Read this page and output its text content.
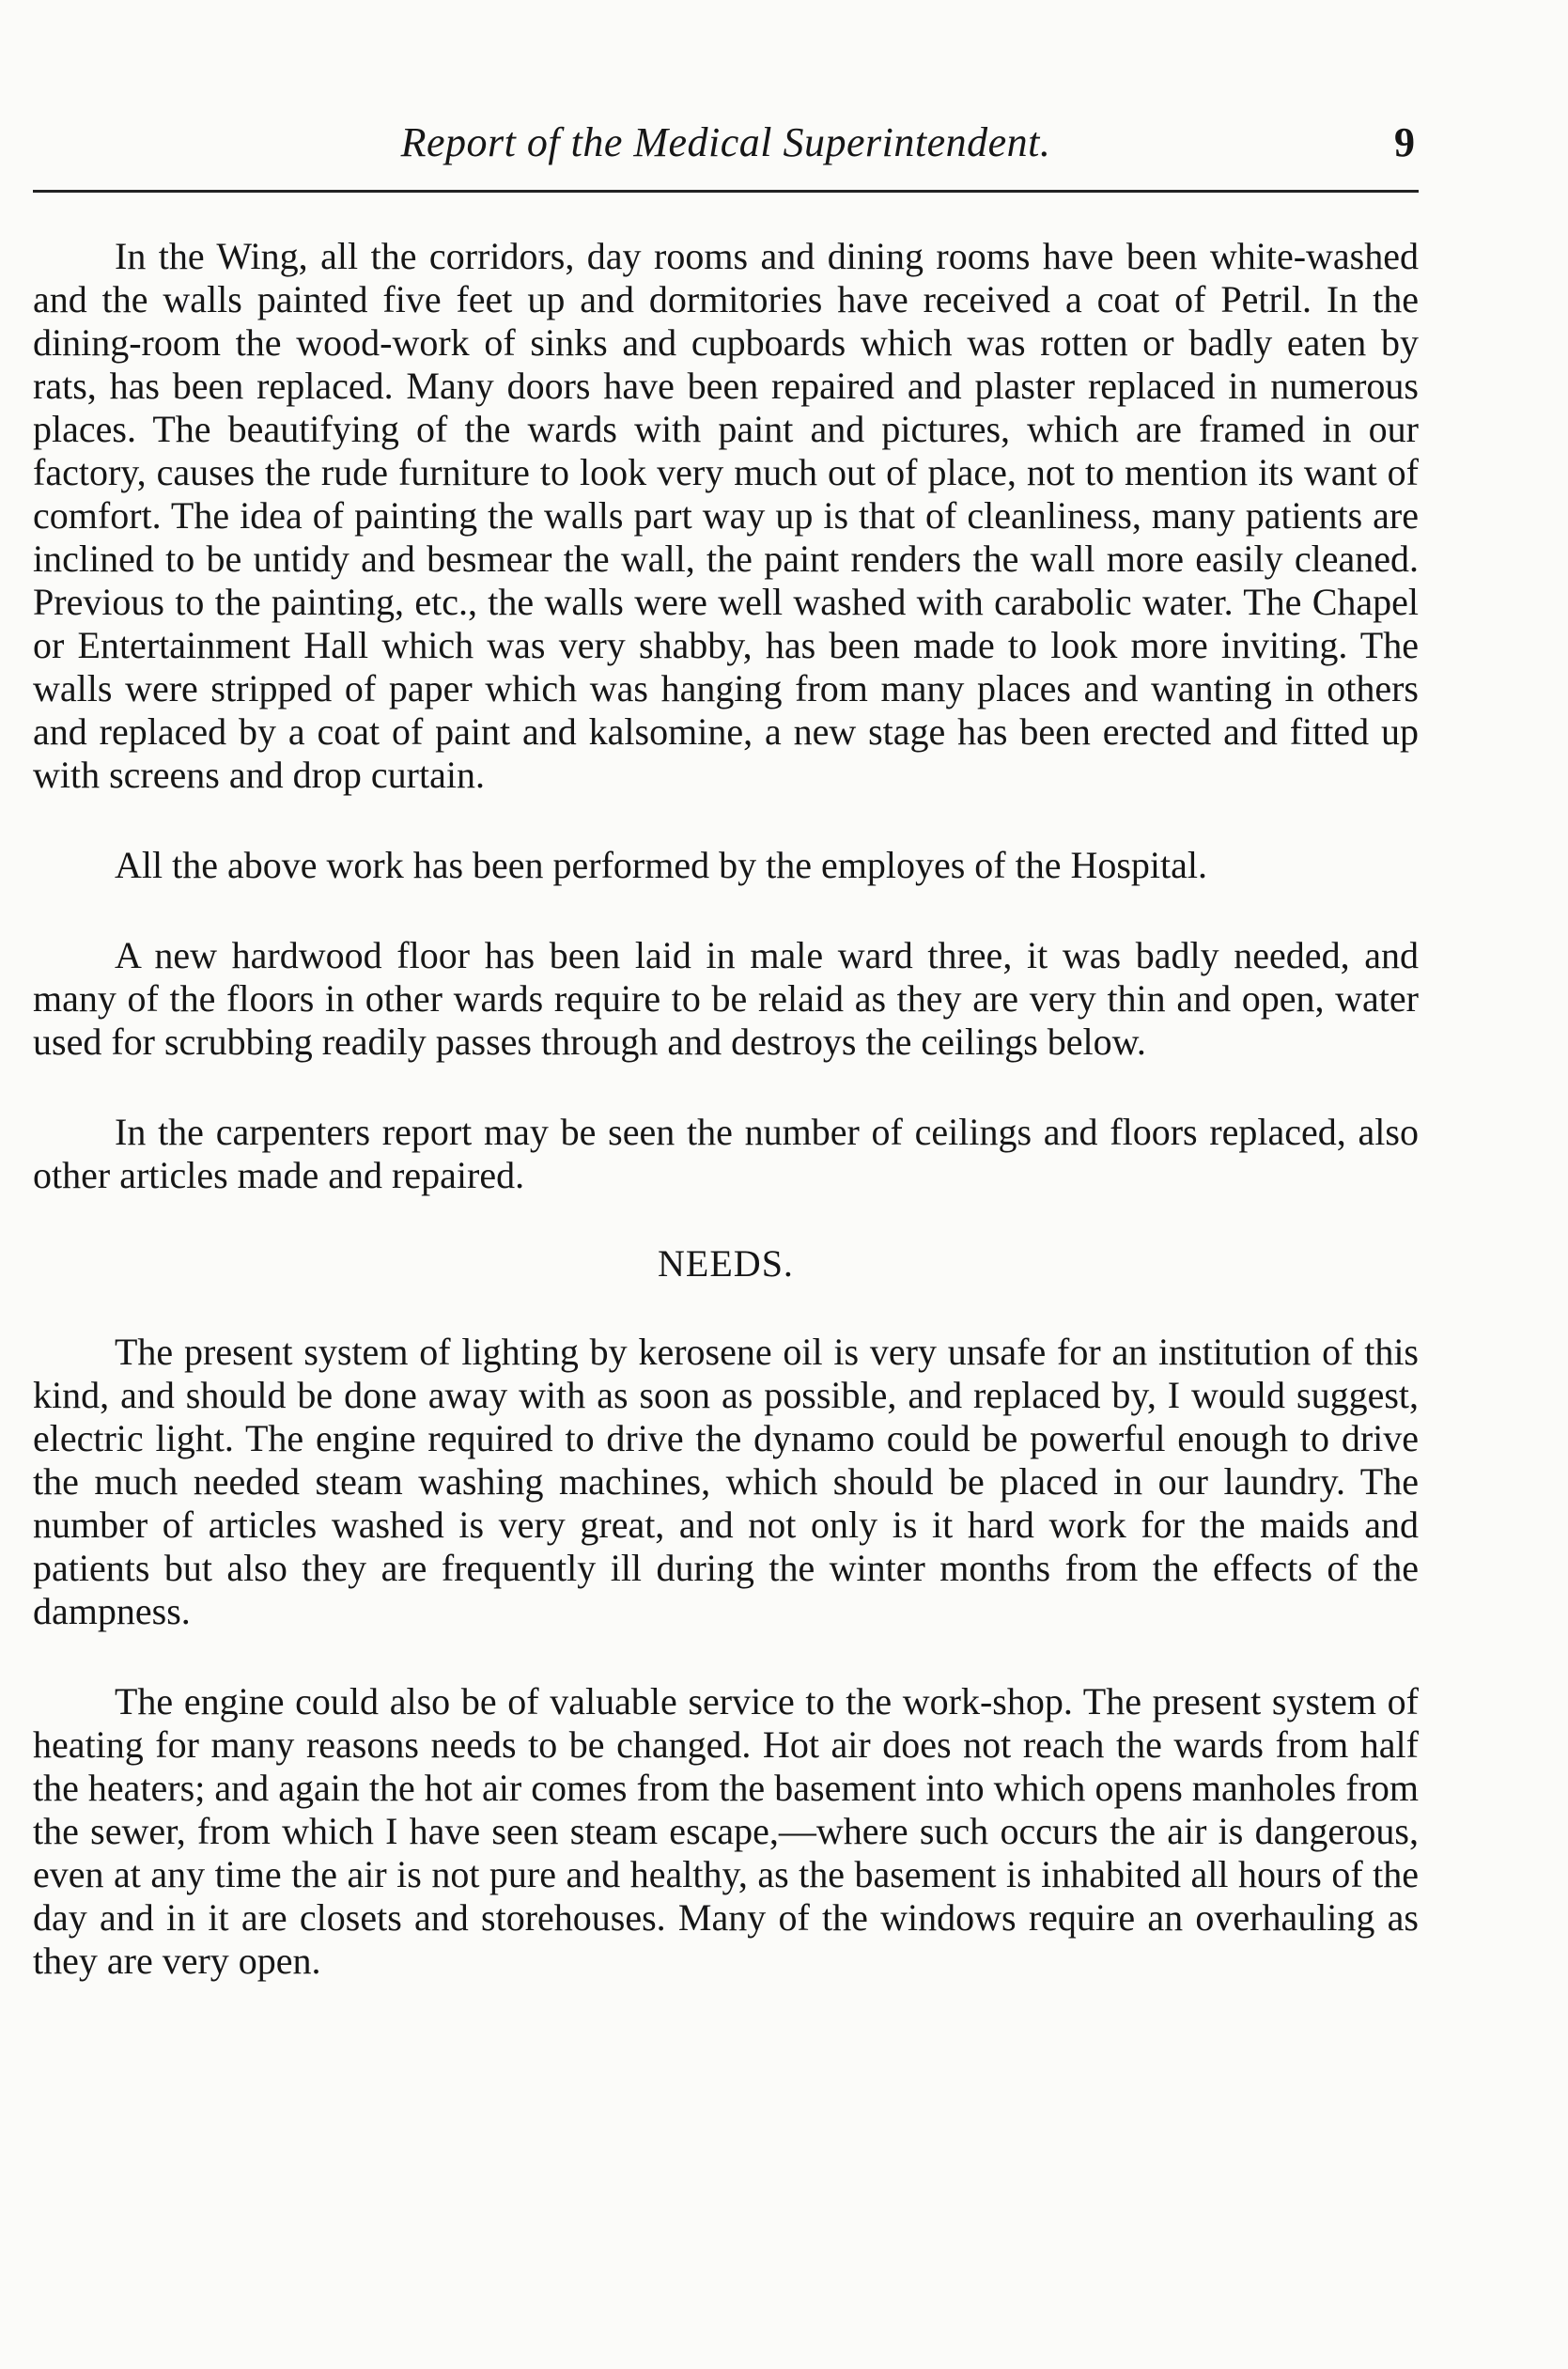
Report of the Medical Superintendent.	9

In the Wing, all the corridors, day rooms and dining rooms have been white-washed and the walls painted five feet up and dormitories have received a coat of Petril. In the dining-room the wood-work of sinks and cupboards which was rotten or badly eaten by rats, has been replaced. Many doors have been repaired and plaster replaced in numerous places. The beautifying of the wards with paint and pictures, which are framed in our factory, causes the rude furniture to look very much out of place, not to mention its want of comfort. The idea of painting the walls part way up is that of cleanliness, many patients are inclined to be untidy and besmear the wall, the paint renders the wall more easily cleaned. Previous to the painting, etc., the walls were well washed with carabolic water. The Chapel or Entertainment Hall which was very shabby, has been made to look more inviting. The walls were stripped of paper which was hanging from many places and wanting in others and replaced by a coat of paint and kalsomine, a new stage has been erected and fitted up with screens and drop curtain.

All the above work has been performed by the employes of the Hospital.

A new hardwood floor has been laid in male ward three, it was badly needed, and many of the floors in other wards require to be relaid as they are very thin and open, water used for scrubbing readily passes through and destroys the ceilings below.

In the carpenters report may be seen the number of ceilings and floors replaced, also other articles made and repaired.

NEEDS.

The present system of lighting by kerosene oil is very unsafe for an institution of this kind, and should be done away with as soon as possible, and replaced by, I would suggest, electric light. The engine required to drive the dynamo could be powerful enough to drive the much needed steam washing machines, which should be placed in our laundry. The number of articles washed is very great, and not only is it hard work for the maids and patients but also they are frequently ill during the winter months from the effects of the dampness.

The engine could also be of valuable service to the work-shop. The present system of heating for many reasons needs to be changed. Hot air does not reach the wards from half the heaters; and again the hot air comes from the basement into which opens manholes from the sewer, from which I have seen steam escape,—where such occurs the air is dangerous, even at any time the air is not pure and healthy, as the basement is inhabited all hours of the day and in it are closets and storehouses. Many of the windows require an overhauling as they are very open.
